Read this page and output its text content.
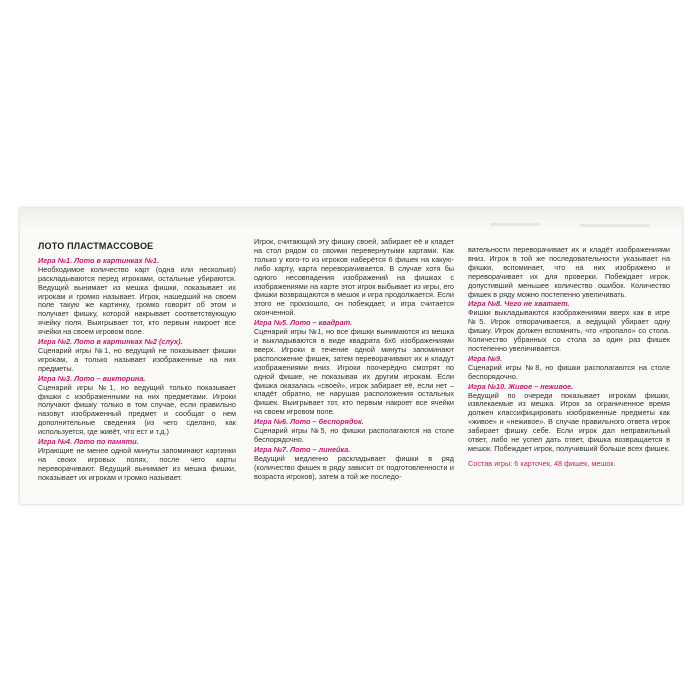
ЛОТО ПЛАСТМАССОВОЕ

Игра №1. Лото в картинках №1.

Необходимое количество карт (одна или несколько) раскладываются перед игроками, остальные убираются. Ведущий вынимает из мешка фишки, показывает их игрокам и громко называет. Игрок, нашедший на своем поле такую же картинку, громко говорит об этом и получает фишку, которой накрывает соответствующую ячейку поля. Выигрывает тот, кто первым накроет все ячейки на своем игровом поле.

Игра №2. Лото в картинках №2 (слух).

Сценарий игры №1, но ведущий не показывает фишки игрокам, а только называет изображенные на них предметы.

Игра №3. Лото – викторина.

Сценарий игры №1, но ведущий только показывает фишки с изображенными на них предметами. Игроки получают фишку только в том случае, если правильно назовут изображенный предмет и сообщат о нем дополнительные сведения (из чего сделано, как используется, где живёт, что ест и т.д.)

Игра №4. Лото по памяти.

Играющие не менее одной минуты запоминают картинки на своих игровых полях, после чего карты переворачивают. Ведущий вынимает из мешка фишки, показывает их игрокам и громко называет.

Игрок, считающий эту фишку своей, забирает её и кладет на стол рядом со своими перевернутыми картами. Как только у кого-то из игроков наберётся 6 фишек на какую-либо карту, карта переворачивается. В случае хотя бы одного несовпадения изображений на фишках с изображениями на карте этот игрок выбывает из игры, его фишки возвращаются в мешок и игра продолжается. Если этого не произошло, он побеждает, и игра считается оконченной.

Игра №5. Лото – квадрат.

Сценарий игры №1, но все фишки вынимаются из мешка и выкладываются в виде квадрата 6х6 изображениями вверх. Игроки в течение одной минуты запоминают расположение фишек, затем переворачивают их и кладут изображениями вниз. Игроки поочерёдно смотрят по одной фишке, не показывая их другим игрокам. Если фишка оказалась «своей», игрок забирает её, если нет – кладёт обратно, не нарушая расположения остальных фишек. Выигрывает тот, кто первым накроет все ячейки на своем игровом поле.

Игра №6. Лото – беспорядок.

Сценарий игры №5, но фишки располагаются на столе беспорядочно.

Игра №7. Лото – линейка.

Ведущий медленно раскладывает фишки в ряд (количество фишек в ряду зависит от подготовленности и возраста игроков), затем а той же последо-

вательности переворачивает их и кладёт изображениями вниз. Игрок в той же последовательности указывает на фишки, вспоминает, что на них изображено и переворачивает их для проверки. Побеждает игрок, допустивший меньшее количество ошибок. Количество фишек в ряду можно постепенно увеличивать.

Игра №8. Чего не хватает.

Фишки выкладываются изображениями вверх как в игре №5. Игрок отворачивается, а ведущий убирает одну фишку. Игрок должен вспомнить, что «пропало» со стола. Количество убранных со стола за один раз фишек постепенно увеличивается.

Игра №9.

Сценарий игры №8, но фишки располагаются на столе беспорядочно.

Игра №10. Живое – неживое.

Ведущий по очереди показывает игрокам фишки, извлекаемые из мешка. Игрок за ограниченное время должен классифицировать изображенные предметы как «живое» и «неживое». В случае правильного ответа игрок забирает фишку себе. Если игрок дал неправильный ответ, либо не успел дать ответ, фишка возвращается в мешок. Побеждает игрок, получивший больше всех фишек.

Состав игры: 6 карточек, 48 фишек, мешок.
